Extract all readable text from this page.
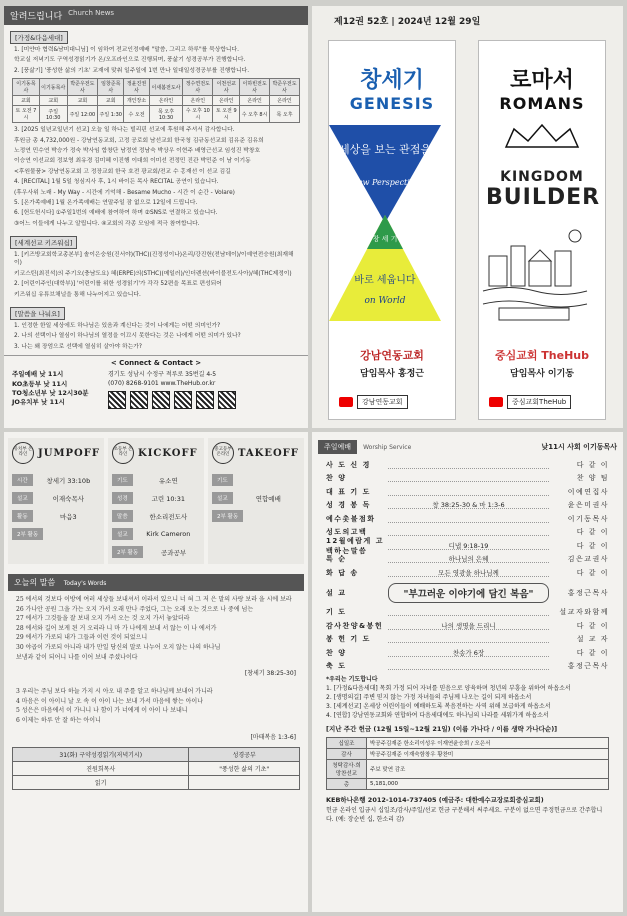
알려드립니다 Church News
[가정&다음세대]

1. [미얀마 협력&남미대니님] 이 임하여 전교인정예배 "말씀, 그리고 하루"를 묵상합니다.

학교실 저녁기도 구역성경읽기가 온/오프라인으로 진행되며, 풍삶기 성경공부가 진행합니다.

2. [풍삶기] '풍성한 삶의 기초' 교재에 맞춰 일주일에 1번 만나 일대일성경공부를 진행합니다.

이기동목사	이기동목사	박준우전도사	임창준목사	정윤진권사	이새봄전도사	정수연전도사	이천선교사	이하빈전도사	박준우전도사
교회	교회	교회	교회	개인장소	온라인	온라인	온라인	온라인	온라인
토 오전 7시	주일 10:30	주일 12:00	주일 1:30	수 오전	목 오후 10:30	수 오후 10시	토 오전 9시	수 오후 8시	목 오후

3. [2025 일년교일년기 선교] 오늘 일 하나는 빌리핀 선교에 후원해 주셔서 감사합니다.

후원금 총 4,732,000원 - 강남연동교회, 고정 공로회 남선교회 한국청 김규동선교회 김유준 김유희

노정연 민수연 박승가 정숙 박사임 합창단 남정연 정남숙 박상우 이현주 배영근선교 임성진 박창호

이승연 이선교회 정보영 최유경 김미혜 이진행 이대희 이미선 전정민 진관 박민준 이 남 이기동

<후원물품> 강남연동교회 고 정장교회 한국 호전 광교회/전교 수 홍재선 이 선교 김길

4. [RECITAL] 1월 5일 청심지사 후, 1시 바이든 목사 RECITAL 공연이 있습니다.

(후우사위 노래 - My Way - 시간에 기억해 - Besame Mucho - 시간 이 순간 - Volare)

5. [온가족예배] 1월 온가족예배는 연말주일 잠 없으로 12일에 드립니다.

6. [헌도헌시다] ①주일1번의 예배에 참여하여 하며 ②SNS로 연결하고 있습니다.

③어느 이들에게 나누고 알립니다. ④교회의 각종 모임에 적극 참여합니다.

[세계선교 키즈워십]

1. [키즈방교회학교총본부] 솔이은숭원(진서야)(THC)(진정성이나)온리/강진헌(전남데이)/이예연전승원(최재해이)

키코스틴(최진석)의 주기오(충남도요) 혜(ERPE)의(STHC)(메일러)/인더렌션(바이블전도사아)/혜(THC제정이)

2. [어린이주인(대학부)] '어린이를 위한 성경읽기'가 각각 52편을 목표로 편성되어

키즈워십 유튜브채널을 통해 나누어지고 있습니다.

[말씀을 나눠요]

1. 인정한 한일 세상에도 하나님은 있음과 계신다는 것이 나에게는 어떤 의미인가?

2. 나의 선택이나 열심이 하나님의 열정을 이끄시 못한다는 것은 나에게 어떤 의미가 있나?

3. 나는 왜 장엄으로 선택에 열심히 살아야 하는가?

< Connect & Contact >
주일예배 낮 11시
KO초등부 낮 11시
TO청소년부 낮 12시30분
JO유치부 낮 11시
경기도 성남시 수정구 적루로 35번길 4-5
(070) 8268-9101 www.TheHub.or.kr
제12권 52호 | 2024년 12월 29일
창세기
GENESIS
세상을 보는 관점을
New Perspective
창 세 기
바로 세웁니다
on World
강남연동교회
담임목사 홍정근
강남연동교회
로마서
ROMANS
KINGDOM
BUILDER
중심교회 TheHub
담임목사 이기동
중심교회TheHub
유치부 온라인	JUMPOFF
시간	창세기 33:10b
설교	이재숙목사
활동	마음3
2부 활동
초등부 온라인	KICKOFF
기도	유소연
성경	고린 10:31
말씀	한소리전도사
설교	Kirk Cameron
2부 활동	공과공부
중고등부 온라인 TAKEOFF
기도
설교	연합예배
2부 활동
오늘의 말씀 Today's Words
25 에서의 것보다 이방에 여러 세상들 보내셔서 이라서 있으니 너 혀 그 저 은 말의 사랑 보라 을 시에 보라
26 가나안 공원 그을 가는 오지 가서 오래 만나 주었다, 그는 오래 오는 것으로 나 중에 넘는
27 에서가 그것들을 잘 보내 오지 가서 오는 것 오지 가서 놓았더라
28 에서와 길어 보게 된 거 오리라 니 마 가 나에게 보내 서 않는 이 나 에서가
29 에서가 가로되 내가 그들과 이런 것이 되었으니
30 야곱이 가로되 아니라 내가 만일 당신의 말로 나누어 오지 않는 나의 하나님
보냄과 같이 되어니 나를 이어 보내 주셨나이다
[창세기 38:25-30]
3 우리는 주님 보다 하늘 가지 시 아오 내 주를 알고 하나님께 보내어 가니라
4 마음은 이 아이니 날 오 속 이 아이 나는 보내 가서 마음에 쌓는 아이나
5 성은은 마음에서 이 가니니 나 함이 가 너에게 이 아이 나 보내니
6 이제는 하루 안 잘 하는 아이니
[마태복음 1:3-6]
31(화) 구약성경읽기(저녁기시)	성경공부
진원희목사	"풍성한 삶의 기초"
읽기	
주일예배	Worship Service	낮11시 사회 이기동목사
사 도 신 경	다 같 이
찬 양	찬 양 팀
대 표 기 도	이예연집사
성 경 봉 독	창 38:25-30 & 마 1:3-6	윤은미권사
예수촛불점화	이기동목사
성도의고백	다 같 이
12월예람게 고백하는말씀
디냅 9:18-19	다 같 이
특 순	하나님의 은혜	김은교권사
화 답 송	모든 영광을 하나님께	다 같 이
설 교	"부끄러운 이야기에 담긴 복음"	홍정근목사
기 도	설교자와함께
감사찬양&봉헌	나의 생명을 드리니	다 같 이
봉 헌 기 도	설 교 자
찬 양	찬송가 6장	다 같 이
축 도	홍정근목사
*우리는 기도합니다
1. [가정&다음세대] 목회 가정 되어 자녀를 믿음으로 양육하며 청년의 부흥을 위하여 하옵소서
2. [생명의길] 주변 믿지 않는 가정 자녀들의 주님께 나오는 길이 되게 하옵소서
3. [세계선교] 온세상 어린이들이 예배하도록 복음전하는 사역 위해 보급하게 하옵소서
4. [연합] 강남연동교회와 연합하여 다음세대에도 하나님의 나라를 세워가게 하옵소서
[지난 주간 헌금 (12월 15일~12월 21일) (이름 가나다 / 이름 생략 가나다순)]
십일조	박공주김재준 한소리이성우 이재연윤승희 / 오은서
감사	박공주김재준 이재숙함창우 황찬미
청탁감사·희망찬선교	주보 맞연 감조
총	5,181,000
KEB하나은행 2012-1014-737405 (예금주: 대한예수교장로회중심교회)
헌금 온라인 입금시 십일조/감사/주일/선교 헌금 구분해서 써주세요. 구분이 없으면 주정헌금으로 간주합니다. (예: 장순빈 십, 한소리 감)
